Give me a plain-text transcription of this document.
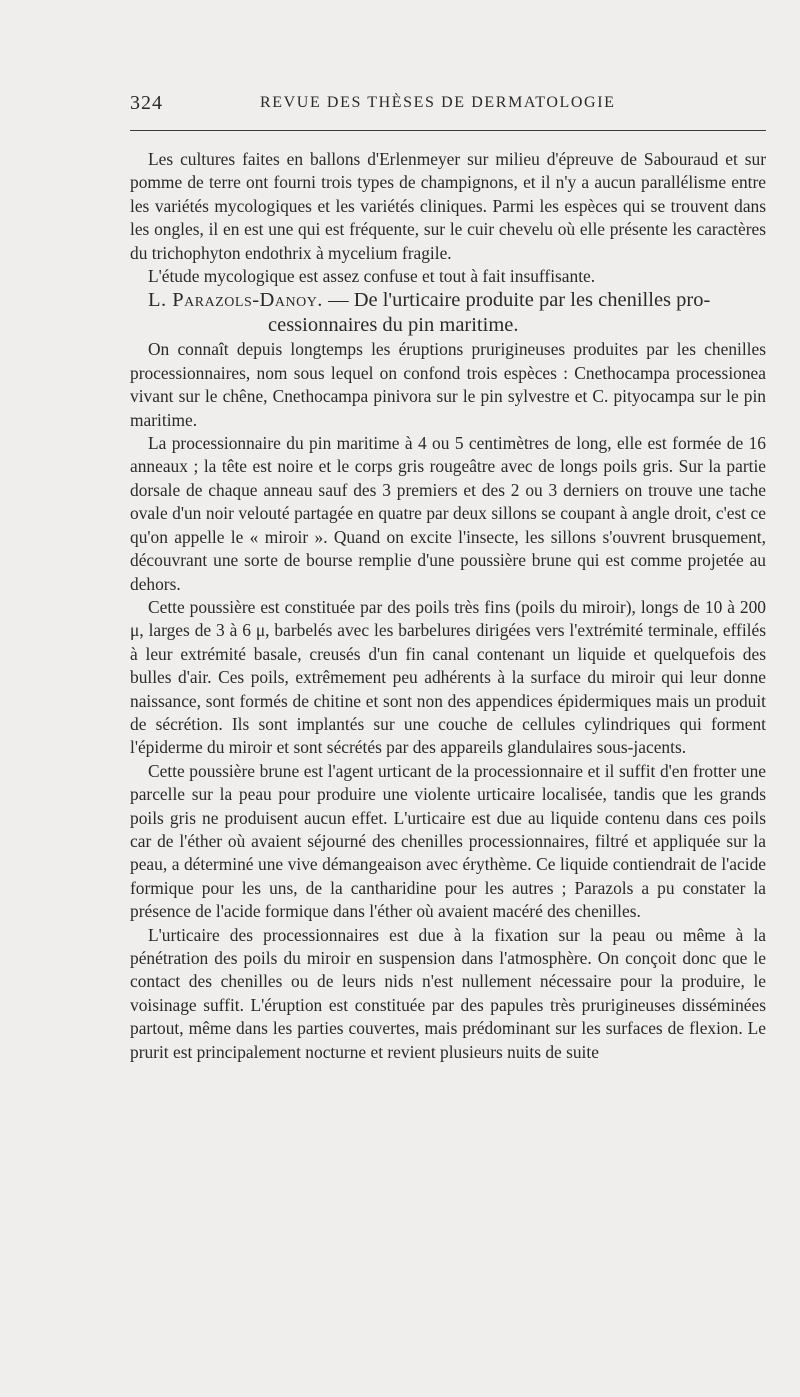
324	REVUE DES THÈSES DE DERMATOLOGIE

Les cultures faites en ballons d'Erlenmeyer sur milieu d'épreuve de Sabouraud et sur pomme de terre ont fourni trois types de champignons, et il n'y a aucun parallélisme entre les variétés mycologiques et les variétés cliniques. Parmi les espèces qui se trouvent dans les ongles, il en est une qui est fréquente, sur le cuir chevelu où elle présente les caractères du trichophyton endothrix à mycelium fragile.

L'étude mycologique est assez confuse et tout à fait insuffisante.

L. Parazols-Danoy. — De l'urticaire produite par les chenilles pro-
cessionnaires du pin maritime.

On connaît depuis longtemps les éruptions prurigineuses produites par les chenilles processionnaires, nom sous lequel on confond trois espèces : Cnethocampa processionea vivant sur le chêne, Cnethocampa pinivora sur le pin sylvestre et C. pityocampa sur le pin maritime.

La processionnaire du pin maritime à 4 ou 5 centimètres de long, elle est formée de 16 anneaux ; la tête est noire et le corps gris rougeâtre avec de longs poils gris. Sur la partie dorsale de chaque anneau sauf des 3 premiers et des 2 ou 3 derniers on trouve une tache ovale d'un noir velouté partagée en quatre par deux sillons se coupant à angle droit, c'est ce qu'on appelle le « miroir ». Quand on excite l'insecte, les sillons s'ouvrent brusquement, découvrant une sorte de bourse remplie d'une poussière brune qui est comme projetée au dehors.

Cette poussière est constituée par des poils très fins (poils du miroir), longs de 10 à 200 μ, larges de 3 à 6 μ, barbelés avec les barbelures dirigées vers l'extrémité terminale, effilés à leur extrémité basale, creusés d'un fin canal contenant un liquide et quelquefois des bulles d'air. Ces poils, extrêmement peu adhérents à la surface du miroir qui leur donne naissance, sont formés de chitine et sont non des appendices épidermiques mais un produit de sécrétion. Ils sont implantés sur une couche de cellules cylindriques qui forment l'épiderme du miroir et sont sécrétés par des appareils glandulaires sous-jacents.

Cette poussière brune est l'agent urticant de la processionnaire et il suffit d'en frotter une parcelle sur la peau pour produire une violente urticaire localisée, tandis que les grands poils gris ne produisent aucun effet. L'urticaire est due au liquide contenu dans ces poils car de l'éther où avaient séjourné des chenilles processionnaires, filtré et appliquée sur la peau, a déterminé une vive démangeaison avec érythème. Ce liquide contiendrait de l'acide formique pour les uns, de la cantharidine pour les autres ; Parazols a pu constater la présence de l'acide formique dans l'éther où avaient macéré des chenilles.

L'urticaire des processionnaires est due à la fixation sur la peau ou même à la pénétration des poils du miroir en suspension dans l'atmosphère. On conçoit donc que le contact des chenilles ou de leurs nids n'est nullement nécessaire pour la produire, le voisinage suffit. L'éruption est constituée par des papules très prurigineuses disséminées partout, même dans les parties couvertes, mais prédominant sur les surfaces de flexion. Le prurit est principalement nocturne et revient plusieurs nuits de suite
